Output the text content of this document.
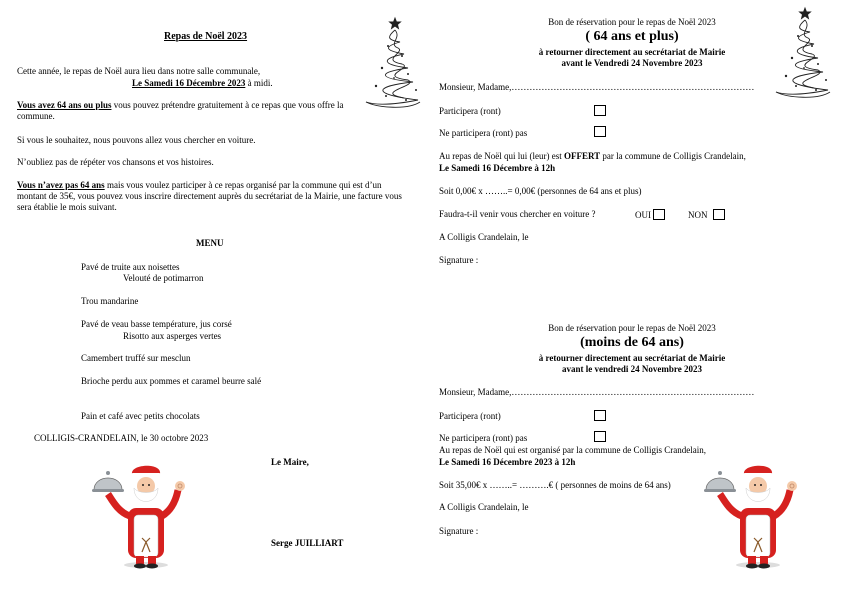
Repas de Noël 2023
Cette année, le repas de Noël aura lieu dans notre salle communale,
Le Samedi 16 Décembre 2023 à midi.
Vous avez 64 ans ou plus vous pouvez prétendre gratuitement à ce repas que vous offre la commune.
Si vous le souhaitez, nous pouvons allez vous chercher en voiture.
N’oubliez pas de répéter vos chansons et vos histoires.
Vous n’avez pas 64 ans mais vous voulez participer à ce repas organisé par la commune qui est d’un montant de 35€, vous pouvez vous inscrire directement auprès du secrétariat de la Mairie, une facture vous sera établie le mois suivant.
MENU
Pavé de truite aux noisettes
Velouté de potimarron
Trou mandarine
Pavé de veau basse température, jus corsé
Risotto aux asperges vertes
Camembert truffé sur mesclun
Brioche perdu aux pommes et caramel beurre salé
Pain et café avec petits chocolats
COLLIGIS-CRANDELAIN, le 30 octobre 2023
Le Maire,
Serge JUILLIART
Bon de réservation pour le repas de Noël 2023
( 64 ans et plus)
à retourner directement au secrétariat de Mairie
avant le Vendredi 24 Novembre 2023
Monsieur, Madame,………………………………………………………………………
Participera (ront)
Ne participera (ront) pas
Au repas de Noël qui lui (leur) est OFFERT par la commune de Colligis Crandelain,
Le Samedi 16 Décembre à 12h
Soit 0,00€ x ……..= 0,00€ (personnes de 64 ans et plus)
Faudra-t-il venir vous chercher en voiture ?	OUI	NON
A Colligis Crandelain, le
Signature :
Bon de réservation pour le repas de Noël 2023
(moins de 64 ans)
à retourner directement au secrétariat de Mairie
avant le vendredi 24 Novembre 2023
Monsieur, Madame,………………………………………………………………………
Participera (ront)
Ne participera (ront) pas
Au repas de Noël qui est organisé par la commune de Colligis Crandelain,
Le Samedi 16 Décembre 2023 à 12h
Soit 35,00€ x ……..= ……….€ ( personnes de moins de 64 ans)
A Colligis Crandelain, le
Signature :
